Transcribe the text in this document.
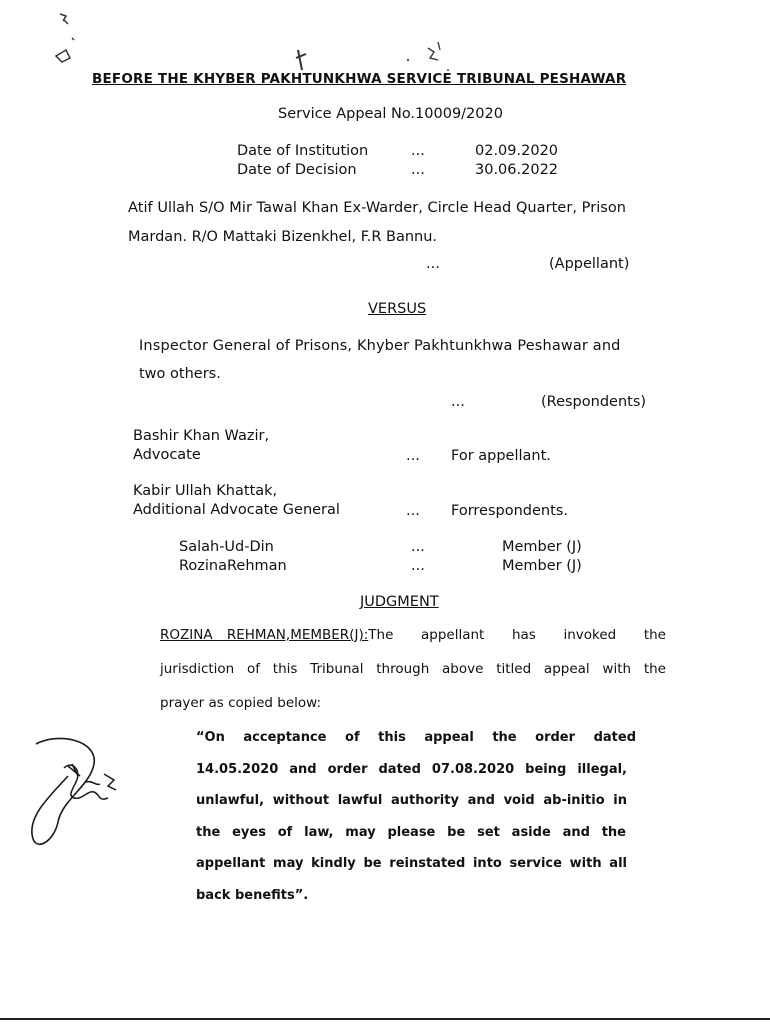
BEFORE THE KHYBER PAKHTUNKHWA SERVICE TRIBUNAL PESHAWAR
Service Appeal No.10009/2020
Date of Institution	...	02.09.2020
Date of Decision	...	30.06.2022
Atif Ullah S/O Mir Tawal Khan Ex-Warder, Circle Head Quarter, Prison
Mardan. R/O Mattaki Bizenkhel, F.R Bannu.
...	(Appellant)
VERSUS
Inspector General of Prisons, Khyber Pakhtunkhwa Peshawar and
two others.
...	(Respondents)
Bashir Khan Wazir,
Advocate	... For appellant.
Kabir Ullah Khattak,
Additional Advocate General	... Forrespondents.
Salah-Ud-Din	...	Member (J)
RozinaRehman	...	Member (J)
JUDGMENT
ROZINA REHMAN,MEMBER(J): The appellant has invoked the
jurisdiction of this Tribunal through above titled appeal with the
prayer as copied below:
“On acceptance of this appeal the order dated
14.05.2020 and order dated 07.08.2020 being illegal,
unlawful, without lawful authority and void ab-initio in
the eyes of law, may please be set aside and the
appellant may kindly be reinstated into service with all
back benefits”.
